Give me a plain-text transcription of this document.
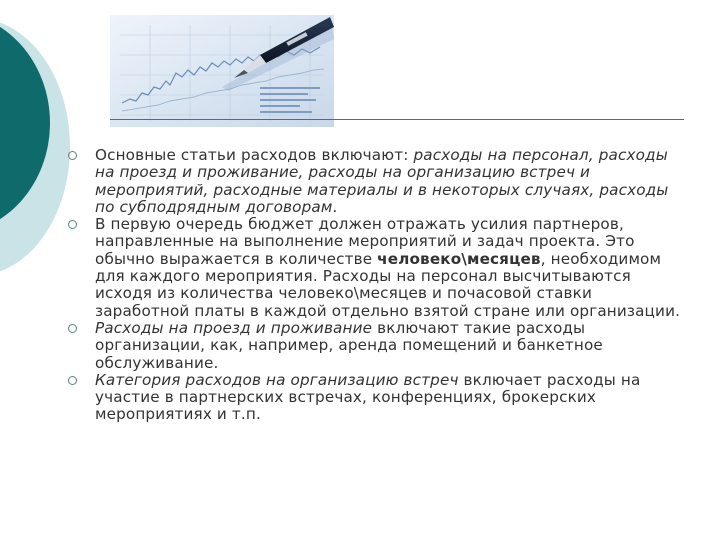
Основные статьи расходов включают: расходы на персонал, расходы на проезд и проживание, расходы на организацию встреч и мероприятий, расходные материалы и в некоторых случаях, расходы по субподрядным договорам.
В первую очередь бюджет должен отражать усилия партнеров, направленные на выполнение мероприятий и задач проекта. Это обычно выражается в количестве человеко\месяцев, необходимом для каждого мероприятия. Расходы на персонал высчитываются исходя из количества человеко\месяцев и почасовой ставки заработной платы в каждой отдельно взятой стране или организации.
Расходы на проезд и проживание включают такие расходы организации, как, например, аренда помещений и банкетное обслуживание.
Категория расходов на организацию встреч включает расходы на участие в партнерских встречах, конференциях, брокерских мероприятиях и т.п.
